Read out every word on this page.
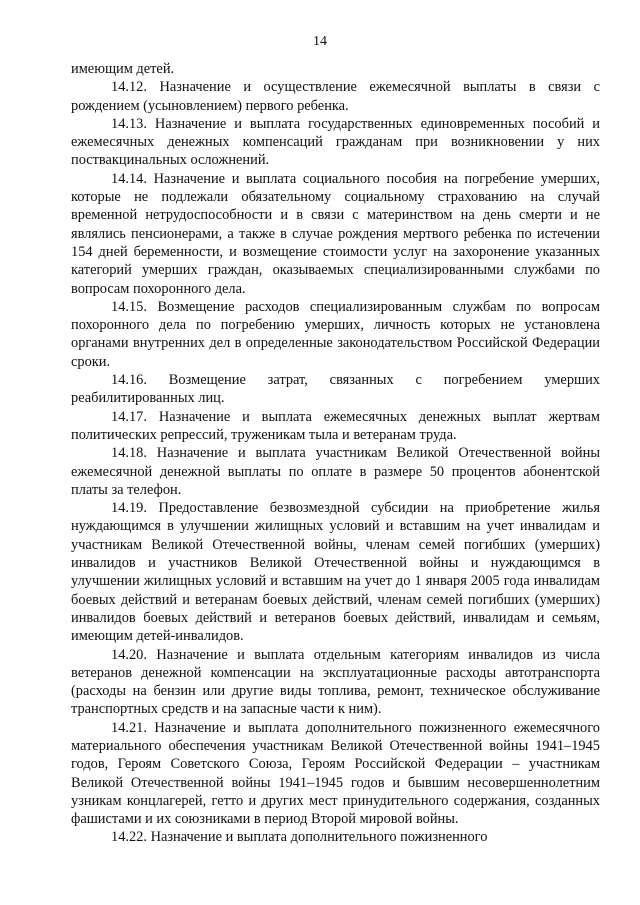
14

имеющим детей.

14.12. Назначение и осуществление ежемесячной выплаты в связи с рождением (усыновлением) первого ребенка.

14.13. Назначение и выплата государственных единовременных пособий и ежемесячных денежных компенсаций гражданам при возникновении у них поствакцинальных осложнений.

14.14. Назначение и выплата социального пособия на погребение умерших, которые не подлежали обязательному социальному страхованию на случай временной нетрудоспособности и в связи с материнством на день смерти и не являлись пенсионерами, а также в случае рождения мертвого ребенка по истечении 154 дней беременности, и возмещение стоимости услуг на захоронение указанных категорий умерших граждан, оказываемых специализированными службами по вопросам похоронного дела.

14.15. Возмещение расходов специализированным службам по вопросам похоронного дела по погребению умерших, личность которых не установлена органами внутренних дел в определенные законодательством Российской Федерации сроки.

14.16. Возмещение затрат, связанных с погребением умерших реабилитированных лиц.

14.17. Назначение и выплата ежемесячных денежных выплат жертвам политических репрессий, труженикам тыла и ветеранам труда.

14.18. Назначение и выплата участникам Великой Отечественной войны ежемесячной денежной выплаты по оплате в размере 50 процентов абонентской платы за телефон.

14.19. Предоставление безвозмездной субсидии на приобретение жилья нуждающимся в улучшении жилищных условий и вставшим на учет инвалидам и участникам Великой Отечественной войны, членам семей погибших (умерших) инвалидов и участников Великой Отечественной войны и нуждающимся в улучшении жилищных условий и вставшим на учет до 1 января 2005 года инвалидам боевых действий и ветеранам боевых действий, членам семей погибших (умерших) инвалидов боевых действий и ветеранов боевых действий, инвалидам и семьям, имеющим детей-инвалидов.

14.20. Назначение и выплата отдельным категориям инвалидов из числа ветеранов денежной компенсации на эксплуатационные расходы автотранспорта (расходы на бензин или другие виды топлива, ремонт, техническое обслуживание транспортных средств и на запасные части к ним).

14.21. Назначение и выплата дополнительного пожизненного ежемесячного материального обеспечения участникам Великой Отечественной войны 1941–1945 годов, Героям Советского Союза, Героям Российской Федерации – участникам Великой Отечественной войны 1941–1945 годов и бывшим несовершеннолетним узникам концлагерей, гетто и других мест принудительного содержания, созданных фашистами и их союзниками в период Второй мировой войны.

14.22. Назначение и выплата дополнительного пожизненного
